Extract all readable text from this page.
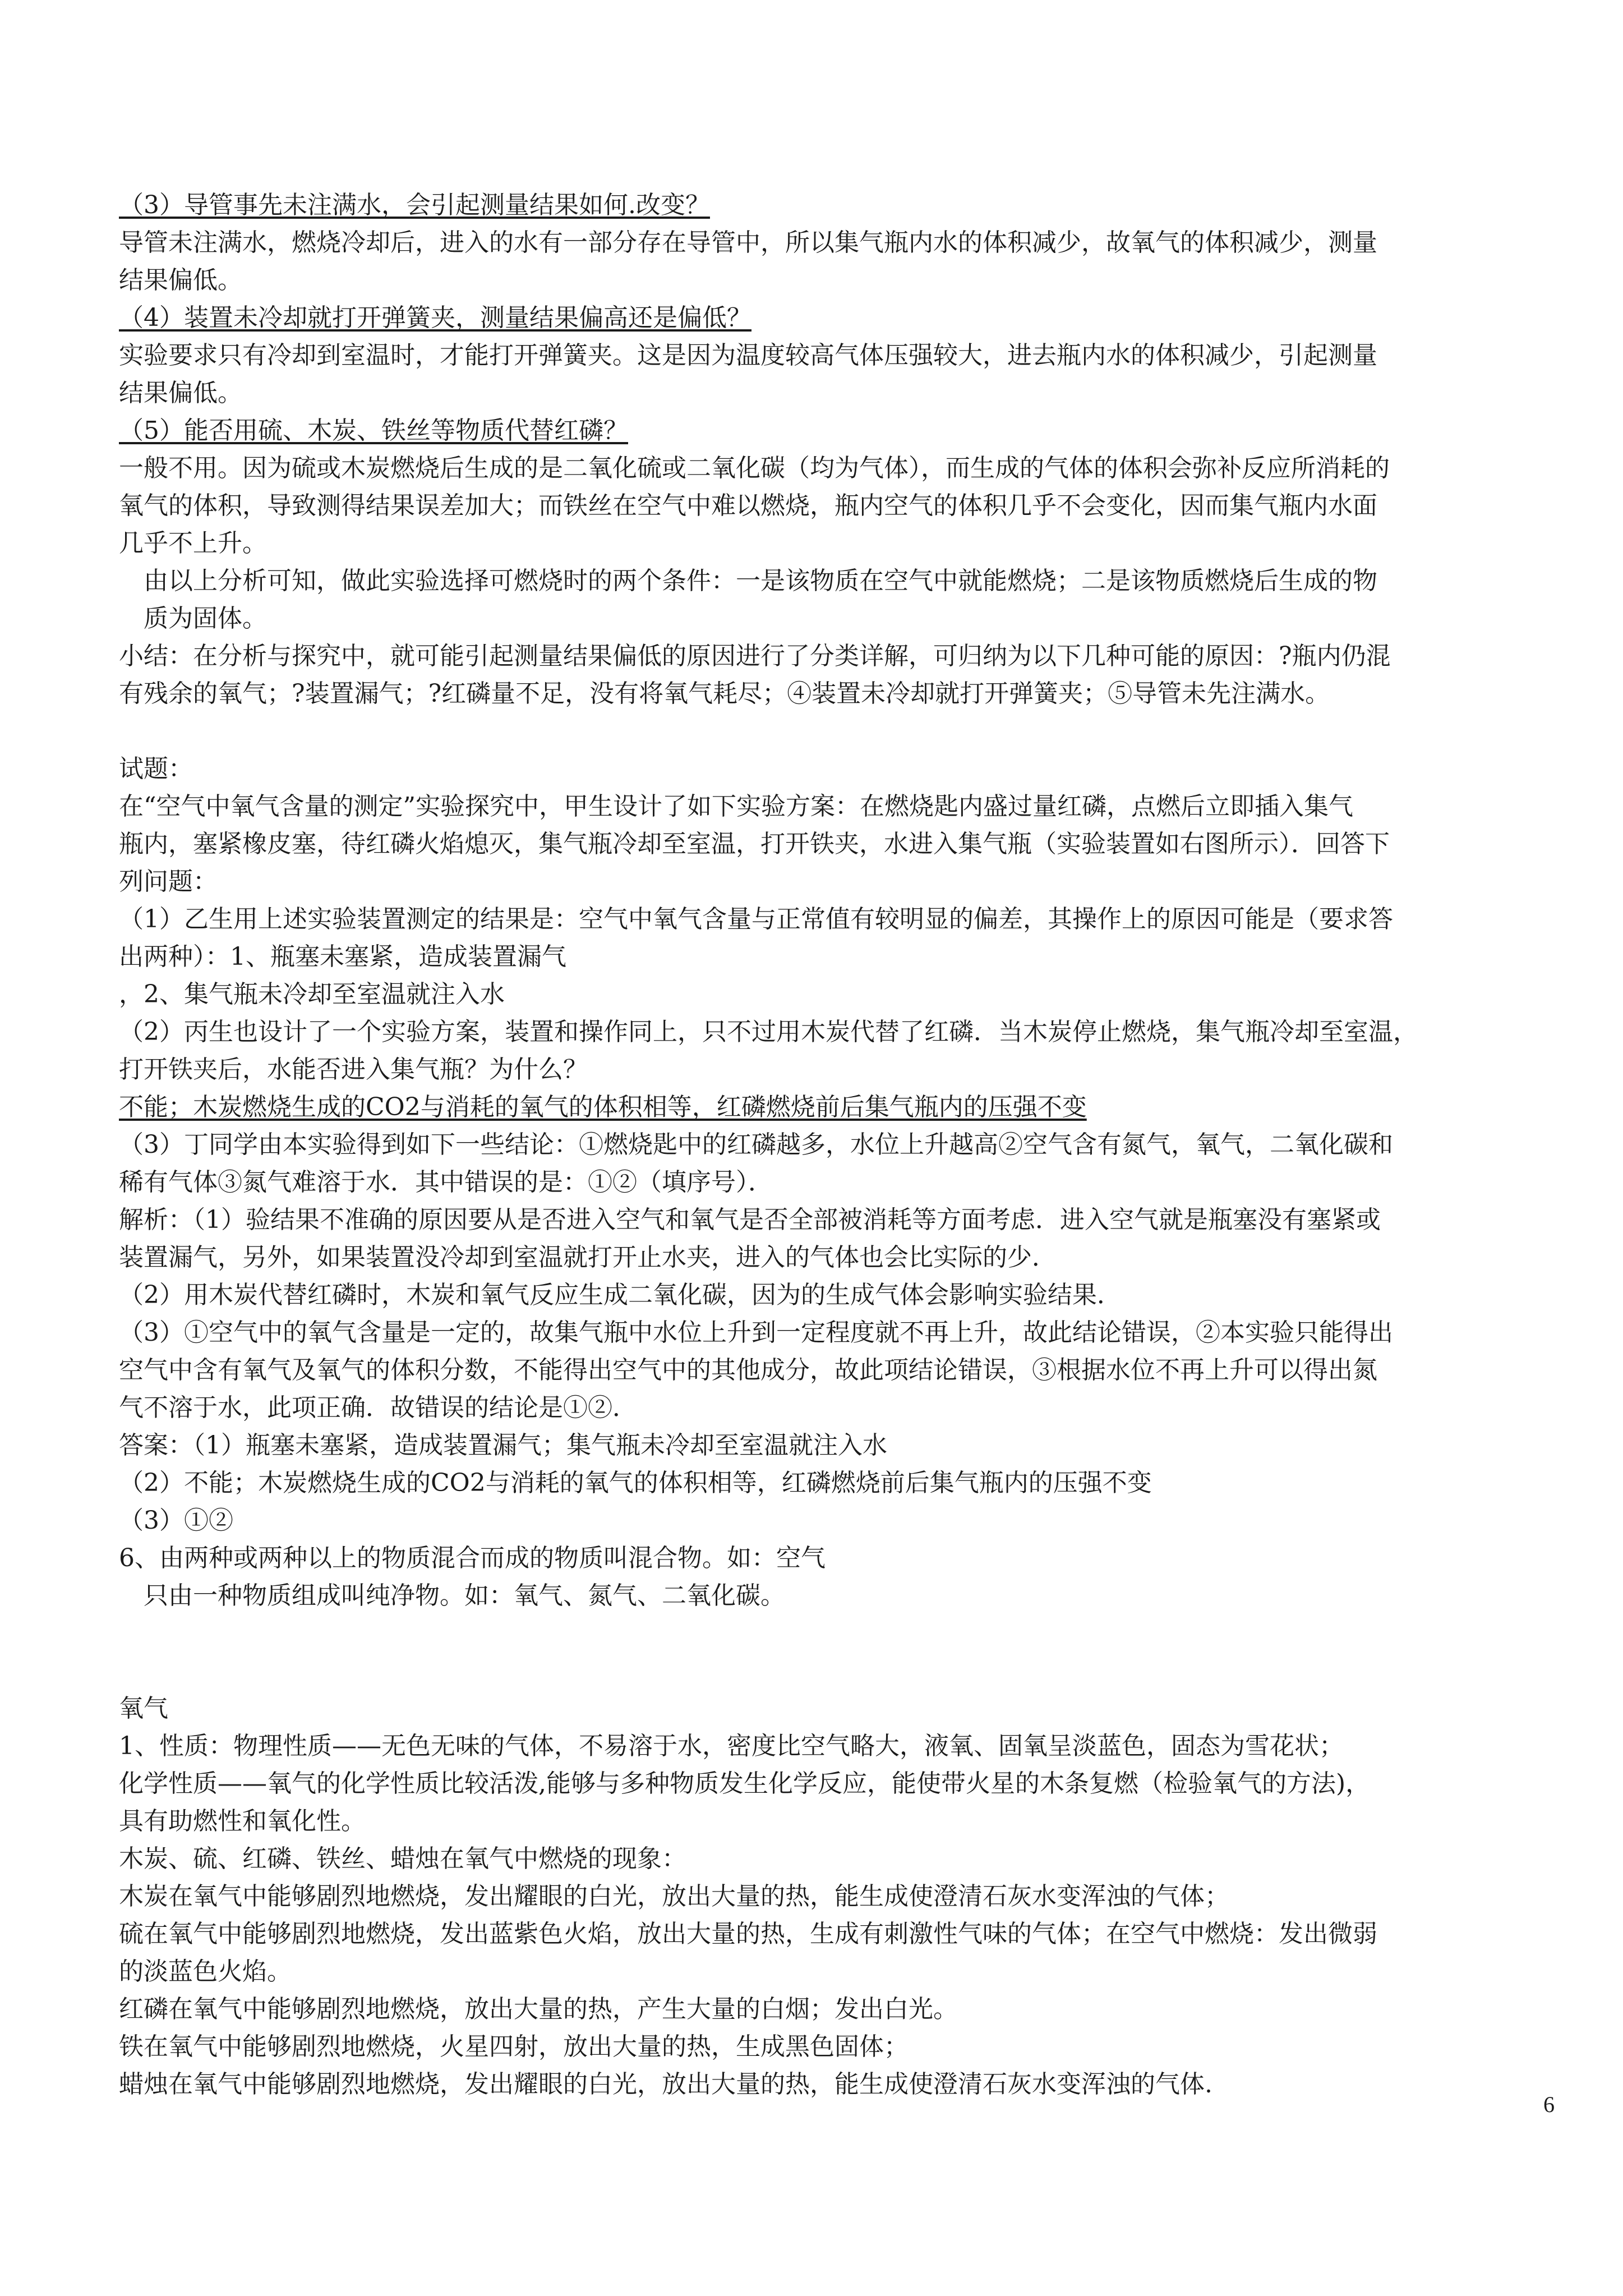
（3）导管事先未注满水，会引起测量结果如何.改变？
导管未注满水，燃烧冷却后，进入的水有一部分存在导管中，所以集气瓶内水的体积减少，故氧气的体积减少，测量
结果偏低。
（4）装置未冷却就打开弹簧夹，测量结果偏高还是偏低？
实验要求只有冷却到室温时，才能打开弹簧夹。这是因为温度较高气体压强较大，进去瓶内水的体积减少，引起测量
结果偏低。
（5）能否用硫、木炭、铁丝等物质代替红磷？
一般不用。因为硫或木炭燃烧后生成的是二氧化硫或二氧化碳（均为气体），而生成的气体的体积会弥补反应所消耗的
氧气的体积，导致测得结果误差加大；而铁丝在空气中难以燃烧，瓶内空气的体积几乎不会变化，因而集气瓶内水面
几乎不上升。
　由以上分析可知，做此实验选择可燃烧时的两个条件：一是该物质在空气中就能燃烧；二是该物质燃烧后生成的物
　质为固体。
小结：在分析与探究中，就可能引起测量结果偏低的原因进行了分类详解，可归纳为以下几种可能的原因：?瓶内仍混
有残余的氧气；?装置漏气；?红磷量不足，没有将氧气耗尽；④装置未冷却就打开弹簧夹；⑤导管未先注满水。
试题：
在“空气中氧气含量的测定”实验探究中，甲生设计了如下实验方案：在燃烧匙内盛过量红磷，点燃后立即插入集气
瓶内，塞紧橡皮塞，待红磷火焰熄灭，集气瓶冷却至室温，打开铁夹，水进入集气瓶（实验装置如右图所示）．回答下
列问题：
（1）乙生用上述实验装置测定的结果是：空气中氧气含量与正常值有较明显的偏差，其操作上的原因可能是（要求答
出两种）：1、瓶塞未塞紧，造成装置漏气
，2、集气瓶未冷却至室温就注入水
（2）丙生也设计了一个实验方案，装置和操作同上，只不过用木炭代替了红磷．当木炭停止燃烧，集气瓶冷却至室温，
打开铁夹后，水能否进入集气瓶？为什么？
不能；木炭燃烧生成的CO2与消耗的氧气的体积相等，红磷燃烧前后集气瓶内的压强不变
（3）丁同学由本实验得到如下一些结论：①燃烧匙中的红磷越多，水位上升越高②空气含有氮气，氧气，二氧化碳和
稀有气体③氮气难溶于水．其中错误的是：①②（填序号）．
解析：（1）验结果不准确的原因要从是否进入空气和氧气是否全部被消耗等方面考虑．进入空气就是瓶塞没有塞紧或
装置漏气，另外，如果装置没冷却到室温就打开止水夹，进入的气体也会比实际的少．
（2）用木炭代替红磷时，木炭和氧气反应生成二氧化碳，因为的生成气体会影响实验结果．
（3）①空气中的氧气含量是一定的，故集气瓶中水位上升到一定程度就不再上升，故此结论错误，②本实验只能得出
空气中含有氧气及氧气的体积分数，不能得出空气中的其他成分，故此项结论错误，③根据水位不再上升可以得出氮
气不溶于水，此项正确．故错误的结论是①②．
答案：（1）瓶塞未塞紧，造成装置漏气；集气瓶未冷却至室温就注入水
（2）不能；木炭燃烧生成的CO2与消耗的氧气的体积相等，红磷燃烧前后集气瓶内的压强不变
（3）①②
6、由两种或两种以上的物质混合而成的物质叫混合物。如：空气
　只由一种物质组成叫纯净物。如：氧气、氮气、二氧化碳。
氧气
1、性质：物理性质——无色无味的气体，不易溶于水，密度比空气略大，液氧、固氧呈淡蓝色，固态为雪花状；
化学性质——氧气的化学性质比较活泼,能够与多种物质发生化学反应，能使带火星的木条复燃（检验氧气的方法)，
具有助燃性和氧化性。
木炭、硫、红磷、铁丝、蜡烛在氧气中燃烧的现象：
木炭在氧气中能够剧烈地燃烧，发出耀眼的白光，放出大量的热，能生成使澄清石灰水变浑浊的气体；
硫在氧气中能够剧烈地燃烧，发出蓝紫色火焰，放出大量的热，生成有刺激性气味的气体；在空气中燃烧：发出微弱
的淡蓝色火焰。
红磷在氧气中能够剧烈地燃烧，放出大量的热，产生大量的白烟；发出白光。
铁在氧气中能够剧烈地燃烧，火星四射，放出大量的热，生成黑色固体；
蜡烛在氧气中能够剧烈地燃烧，发出耀眼的白光，放出大量的热，能生成使澄清石灰水变浑浊的气体.
6
